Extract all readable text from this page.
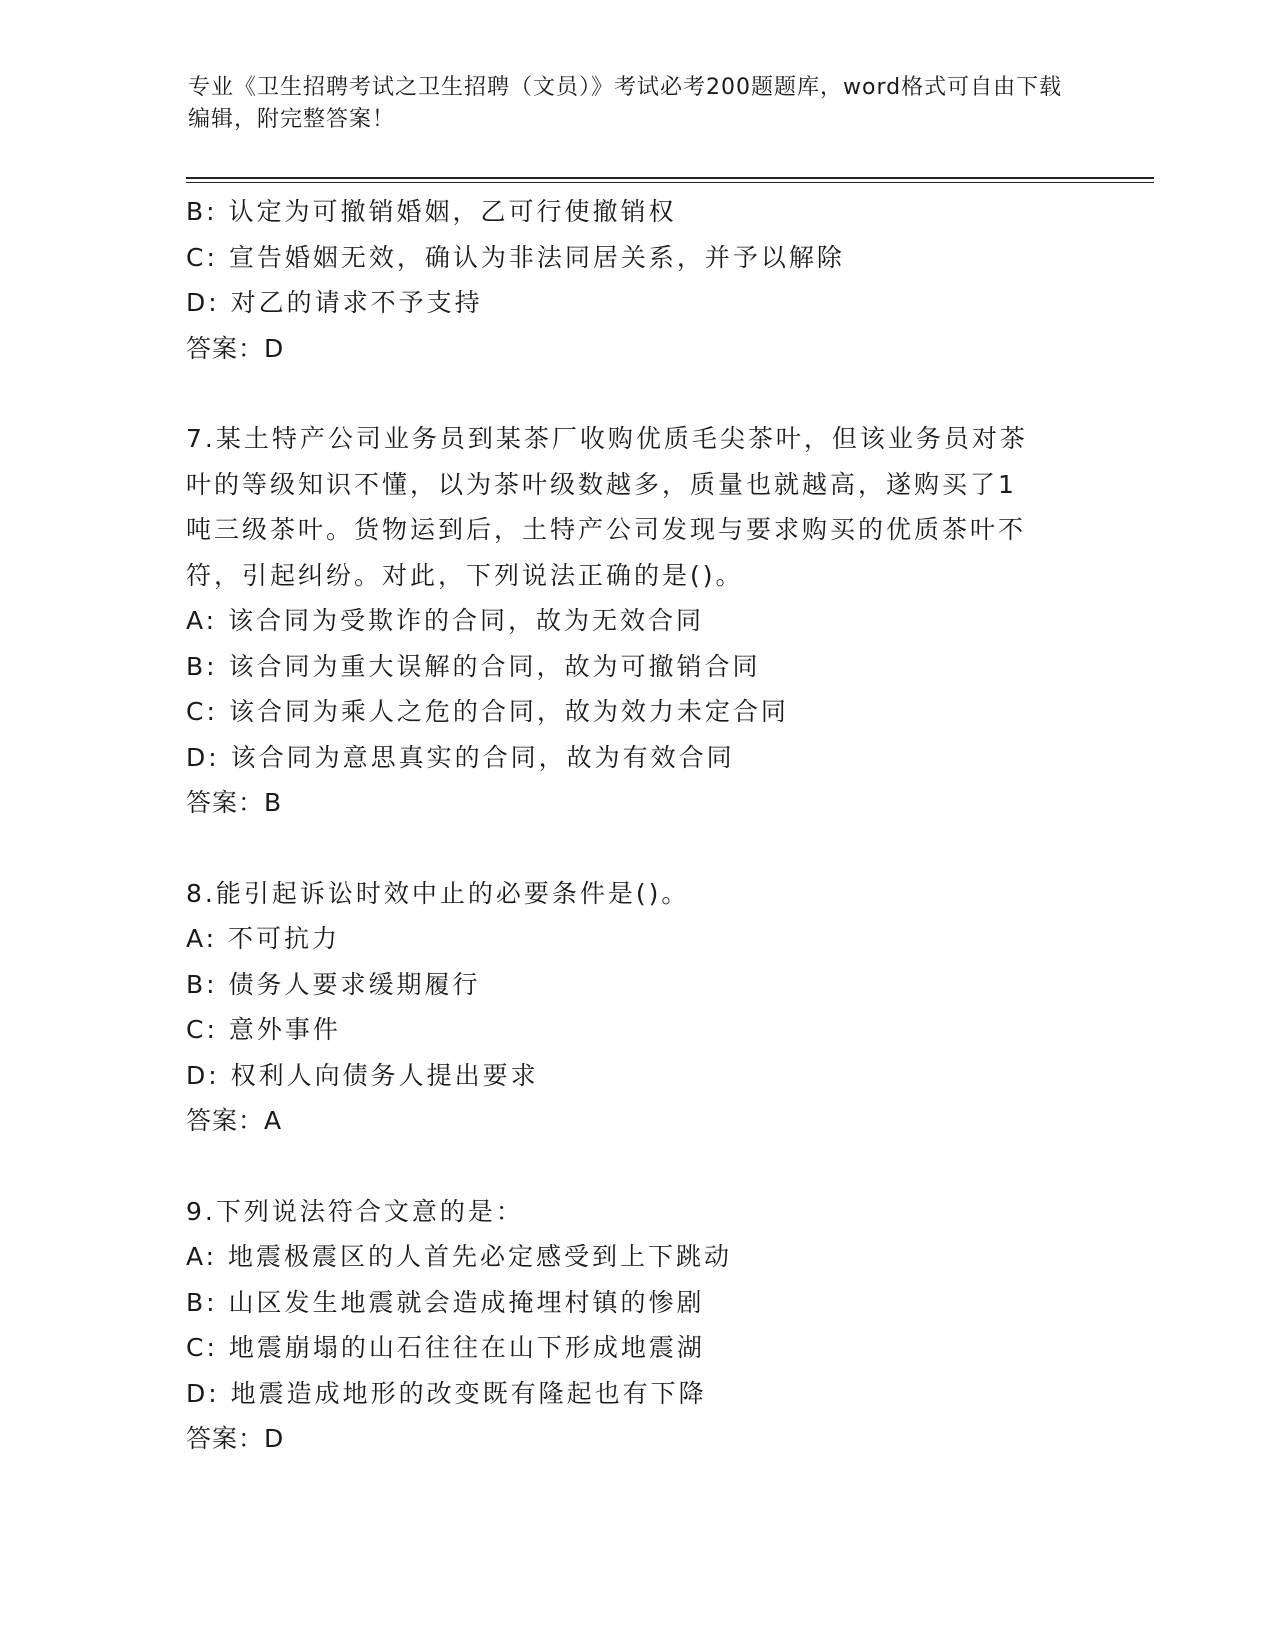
专业《卫生招聘考试之卫生招聘（文员）》考试必考200题题库，word格式可自由下载编辑，附完整答案！
B: 认定为可撤销婚姻，乙可行使撤销权
C: 宣告婚姻无效，确认为非法同居关系，并予以解除
D: 对乙的请求不予支持
答案：D
7.某土特产公司业务员到某茶厂收购优质毛尖茶叶，但该业务员对茶
叶的等级知识不懂，以为茶叶级数越多，质量也就越高，遂购买了1
吨三级茶叶。货物运到后，土特产公司发现与要求购买的优质茶叶不
符，引起纠纷。对此，下列说法正确的是()。
A: 该合同为受欺诈的合同，故为无效合同
B: 该合同为重大误解的合同，故为可撤销合同
C: 该合同为乘人之危的合同，故为效力未定合同
D: 该合同为意思真实的合同，故为有效合同
答案：B
8.能引起诉讼时效中止的必要条件是()。
A: 不可抗力
B: 债务人要求缓期履行
C: 意外事件
D: 权利人向债务人提出要求
答案：A
9.下列说法符合文意的是：
A: 地震极震区的人首先必定感受到上下跳动
B: 山区发生地震就会造成掩埋村镇的惨剧
C: 地震崩塌的山石往往在山下形成地震湖
D: 地震造成地形的改变既有隆起也有下降
答案：D
